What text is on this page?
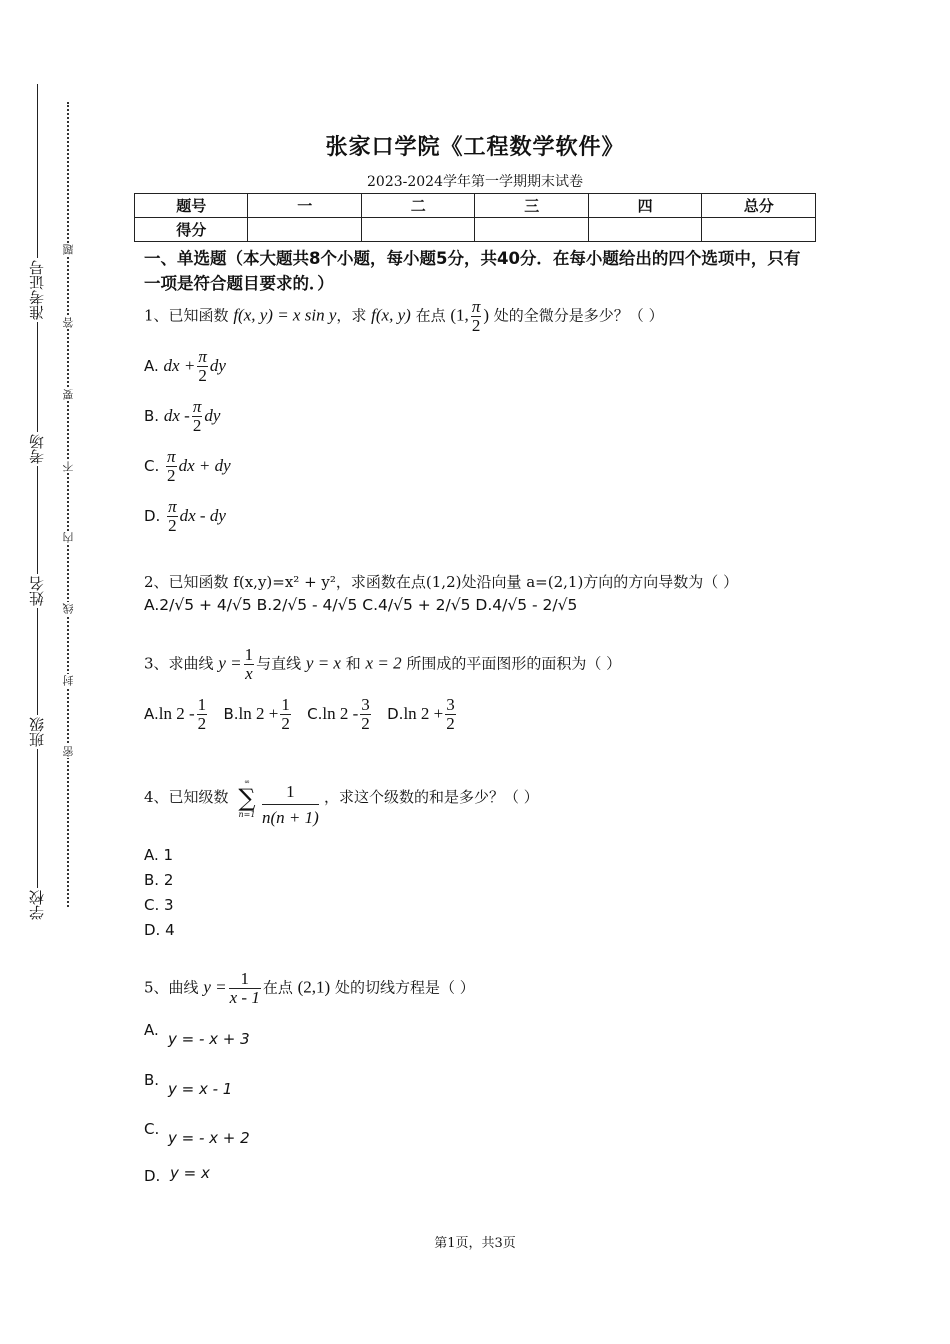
准考证号
考场
姓名
班级
学校
题
答
要
不
内
线
封
密
张家口学院《工程数学软件》
2023-2024学年第一学期期末试卷
题号	一	二	三	四	总分
得分					
一、单选题（本大题共8个小题，每小题5分，共40分．在每小题给出的四个选项中，只有一项是符合题目要求的．）
1、已知函数 f(x, y) = x sin y，求 f(x, y) 在点 (1, $\frac{\pi}{2}$ ) 处的全微分是多少？（ ）
A. dx + $\frac{\pi}{2}$ dy
B. dx - $\frac{\pi}{2}$ dy
C. $\frac{\pi}{2}$ dx + dy
D. $\frac{\pi}{2}$ dx - dy
2、已知函数 f(x,y)=x² + y²，求函数在点(1,2)处沿向量 a=(2,1)方向的方向导数为（ ）
A.2/√5 + 4/√5 B.2/√5 - 4/√5 C.4/√5 + 2/√5 D.4/√5 - 2/√5
3、求曲线 $y = \frac{1}{x}$ 与直线 y = x 和 x = 2 所围成的平面图形的面积为（ ）
A.ln $2 - \frac{1}{2} B.\ln$ $2 + \frac{1}{2} C.\ln$ $2 - \frac{3}{2} D.\ln$ $2 + \frac{3}{2}$
4、已知级数
∞
∑
n=1
1
n(n + 1)
，求这个级数的和是多少？（ ）
A. 1
B. 2
C. 3
D. 4
5、曲线 $y = \frac{1}{x - 1}$ 在点 (2,1) 处的切线方程是（ ）
A. y = - x + 3
B. y = x - 1
C. y = - x + 2
D. y = x
第1页，共3页
